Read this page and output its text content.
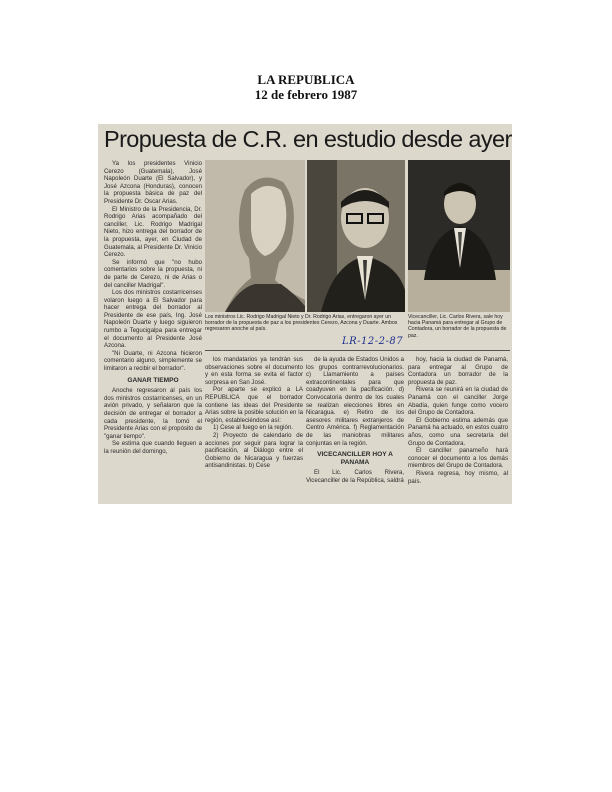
LA REPUBLICA
12 de febrero 1987
Propuesta de C.R. en estudio desde ayer

Ya los presidentes Vinicio Cerezo (Guatemala), José Napoleón Duarte (El Salvador), y José Azcona (Honduras), conocen la propuesta básica de paz del Presidente Dr. Oscar Arias.

El Ministro de la Presidencia, Dr. Rodrigo Arias acompañado del canciller, Lic. Rodrigo Madrigal Nieto, hizo entrega del borrador de la propuesta, ayer, en Ciudad de Guatemala, al Presidente Dr. Vinicio Cerezo.

Se informó que "no hubo comentarios sobre la propuesta, ni de parte de Cerezo, ni de Arias o del canciller Madrigal".

Los dos ministros costarricenses volaron luego a El Salvador para hacer entrega del borrador al Presidente de ese país, Ing. José Napoleón Duarte y luego siguieron rumbo a Tegucigalpa para entregar el documento al Presidente José Azcona.

"Ni Duarte, ni Azcona hicieron comentario alguno, simplemente se limitaron a recibir el borrador".

GANAR TIEMPO

Anoche regresaron al país los dos ministros costarricenses, en un avión privado, y señalaron que la decisión de entregar el borrador a cada presidente, la tomó el Presidente Arias con el propósito de "ganar tiempo".

Se estima que cuando lleguen a la reunión del domingo,

Los ministros Lic. Rodrigo Madrigal Nieto y Dr. Rodrigo Arias, entregaron ayer un borrador de la propuesta de paz a los presidentes Cerezo, Azcona y Duarte. Ambos regresaron anoche al país.
Vicecanciller, Lic. Carlos Rivera, sale hoy hacia Panamá para entregar al Grupo de Contadora, un borrador de la propuesta de paz.
LR-12-2-87

los mandatarios ya tendrán sus observaciones sobre el documento y en esta forma se evita el factor sorpresa en San José.

Por aparte se explicó a LA REPUBLICA que el borrador contiene las ideas del Presidente Arias sobre la posible solución en la región, estableciéndose así:

1) Cese al fuego en la región.

2) Proyecto de calendario de acciones por seguir para lograr la pacificación, al Diálogo entre el Gobierno de Nicaragua y fuerzas antisandinistas. b) Cese

de la ayuda de Estados Unidos a los grupos contrarrevolucionarios. c) Llamamiento a países extracontinentales para que coadyuven en la pacificación. d) Convocatoria dentro de los cuales se realizan elecciones libres en Nicaragua. e) Retiro de los asesores militares extranjeros de Centro América. f) Reglamentación de las maniobras militares conjuntas en la región.

VICECANCILLER HOY A PANAMA

El Lic. Carlos Rivera, Vicecanciller de la República, saldrá

hoy, hacia la ciudad de Panamá, para entregar al Grupo de Contadora un borrador de la propuesta de paz.

Rivera se reunirá en la ciudad de Panamá con el canciller Jorge Abadía, quien funge como vocero del Grupo de Contadora.

El Gobierno estima además que Panamá ha actuado, en estos cuatro años, como una secretaría del Grupo de Contadora.

El canciller panameño hará conocer el documento a los demás miembros del Grupo de Contadora.

Rivera regresa, hoy mismo, al país.
